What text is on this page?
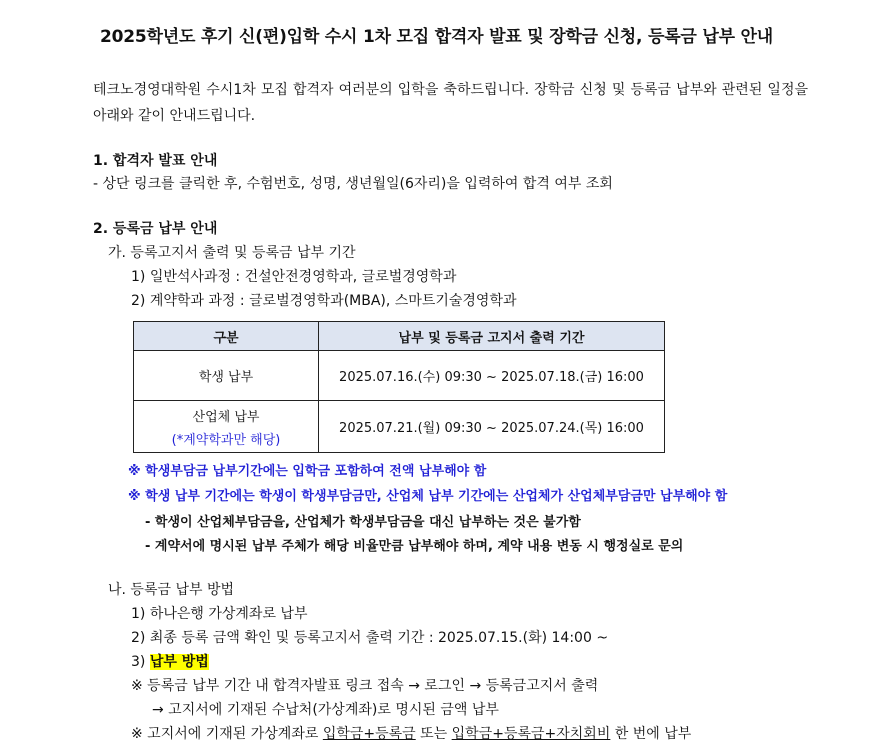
2025학년도 후기 신(편)입학 수시 1차 모집 합격자 발표 및 장학금 신청, 등록금 납부 안내
테크노경영대학원 수시1차 모집 합격자 여러분의 입학을 축하드립니다. 장학금 신청 및 등록금 납부와 관련된 일정을 아래와 같이 안내드립니다.
1. 합격자 발표 안내
- 상단 링크를 클릭한 후, 수험번호, 성명, 생년월일(6자리)을 입력하여 합격 여부 조회
2. 등록금 납부 안내
가. 등록고지서 출력 및 등록금 납부 기간
1) 일반석사과정 : 건설안전경영학과, 글로벌경영학과
2) 계약학과 과정 : 글로벌경영학과(MBA), 스마트기술경영학과
구분	납부 및 등록금 고지서 출력 기간
학생 납부	2025.07.16.(수) 09:30 ~ 2025.07.18.(금) 16:00
산업체 납부
(*계약학과만 해당)	2025.07.21.(월) 09:30 ~ 2025.07.24.(목) 16:00
※ 학생부담금 납부기간에는 입학금 포함하여 전액 납부해야 함
※ 학생 납부 기간에는 학생이 학생부담금만, 산업체 납부 기간에는 산업체가 산업체부담금만 납부해야 함
- 학생이 산업체부담금을, 산업체가 학생부담금을 대신 납부하는 것은 불가함
- 계약서에 명시된 납부 주체가 해당 비율만큼 납부해야 하며, 계약 내용 변동 시 행정실로 문의
나. 등록금 납부 방법
1) 하나은행 가상계좌로 납부
2) 최종 등록 금액 확인 및 등록고지서 출력 기간 : 2025.07.15.(화) 14:00 ~
3) 납부 방법
※ 등록금 납부 기간 내 합격자발표 링크 접속 → 로그인 → 등록금고지서 출력
→ 고지서에 기재된 수납처(가상계좌)로 명시된 금액 납부
※ 고지서에 기재된 가상계좌로 입학금+등록금 또는 입학금+등록금+자치회비 한 번에 납부
